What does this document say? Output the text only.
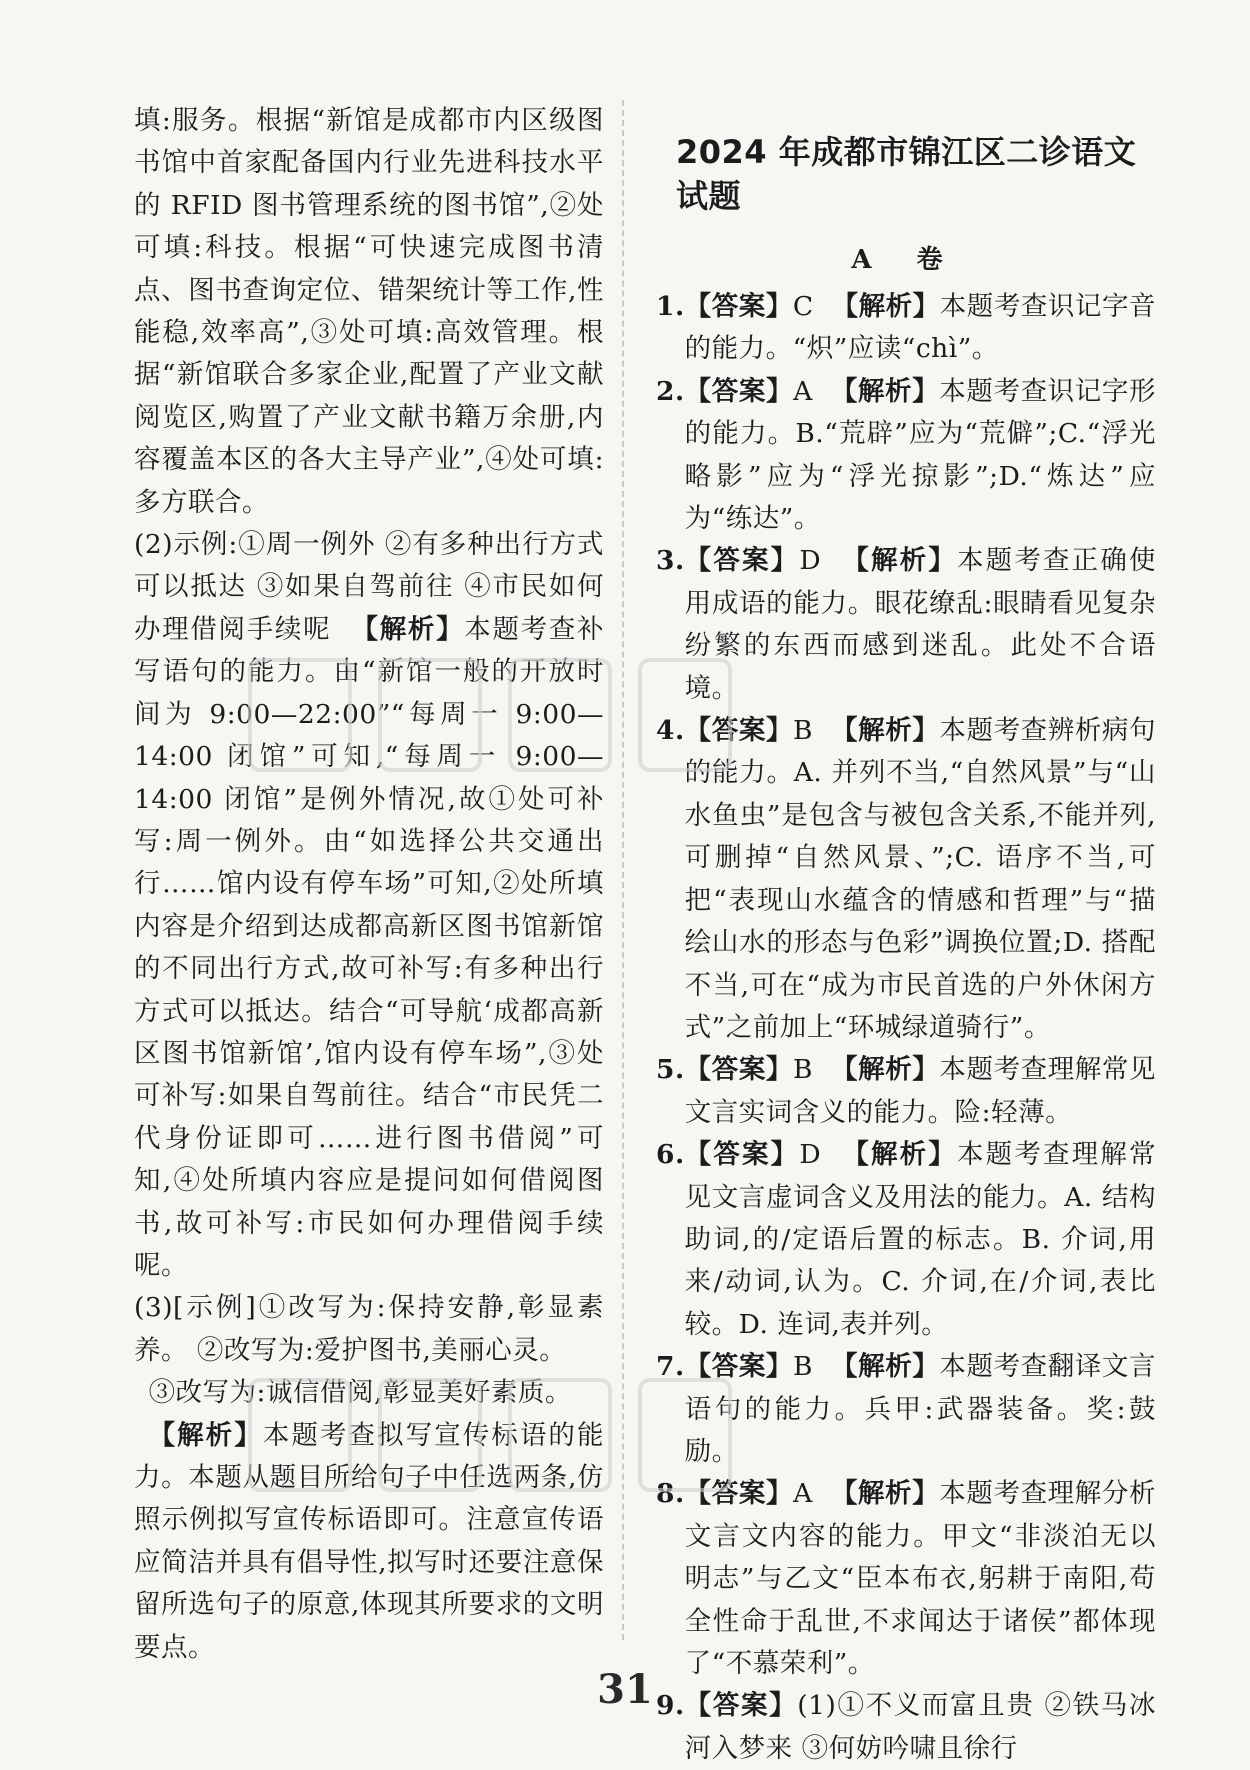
填:服务。根据“新馆是成都市内区级图书馆中首家配备国内行业先进科技水平的 RFID 图书管理系统的图书馆”,②处可填:科技。根据“可快速完成图书清点、图书查询定位、错架统计等工作,性能稳,效率高”,③处可填:高效管理。根据“新馆联合多家企业,配置了产业文献阅览区,购置了产业文献书籍万余册,内容覆盖本区的各大主导产业”,④处可填:多方联合。

(2)示例:①周一例外 ②有多种出行方式可以抵达 ③如果自驾前往 ④市民如何办理借阅手续呢 【解析】本题考查补写语句的能力。由“新馆一般的开放时间为 9:00—22:00”“每周一 9:00—14:00 闭馆”可知,“每周一 9:00—14:00 闭馆”是例外情况,故①处可补写:周一例外。由“如选择公共交通出行……馆内设有停车场”可知,②处所填内容是介绍到达成都高新区图书馆新馆的不同出行方式,故可补写:有多种出行方式可以抵达。结合“可导航‘成都高新区图书馆新馆’,馆内设有停车场”,③处可补写:如果自驾前往。结合“市民凭二代身份证即可……进行图书借阅”可知,④处所填内容应是提问如何借阅图书,故可补写:市民如何办理借阅手续呢。

(3)[示例]①改写为:保持安静,彰显素养。 ②改写为:爱护图书,美丽心灵。

③改写为:诚信借阅,彰显美好素质。

【解析】本题考查拟写宣传标语的能力。本题从题目所给句子中任选两条,仿照示例拟写宣传标语即可。注意宣传语应简洁并具有倡导性,拟写时还要注意保留所选句子的原意,体现其所要求的文明要点。

2024 年成都市锦江区二诊语文试题
A 卷
1. 【答案】C 【解析】本题考查识记字音的能力。“炽”应读“chì”。
2. 【答案】A 【解析】本题考查识记字形的能力。B.“荒辟”应为“荒僻”;C.“浮光略影”应为“浮光掠影”;D.“炼达”应为“练达”。
3. 【答案】D 【解析】本题考查正确使用成语的能力。眼花缭乱:眼睛看见复杂纷繁的东西而感到迷乱。此处不合语境。
4. 【答案】B 【解析】本题考查辨析病句的能力。A. 并列不当,“自然风景”与“山水鱼虫”是包含与被包含关系,不能并列,可删掉“自然风景、”;C. 语序不当,可把“表现山水蕴含的情感和哲理”与“描绘山水的形态与色彩”调换位置;D. 搭配不当,可在“成为市民首选的户外休闲方式”之前加上“环城绿道骑行”。
5. 【答案】B 【解析】本题考查理解常见文言实词含义的能力。险:轻薄。
6. 【答案】D 【解析】本题考查理解常见文言虚词含义及用法的能力。A. 结构助词,的/定语后置的标志。B. 介词,用来/动词,认为。C. 介词,在/介词,表比较。D. 连词,表并列。
7. 【答案】B 【解析】本题考查翻译文言语句的能力。兵甲:武器装备。奖:鼓励。
8. 【答案】A 【解析】本题考查理解分析文言文内容的能力。甲文“非淡泊无以明志”与乙文“臣本布衣,躬耕于南阳,苟全性命于乱世,不求闻达于诸侯”都体现了“不慕荣利”。
9. 【答案】(1)①不义而富且贵 ②铁马冰河入梦来 ③何妨吟啸且徐行
31
